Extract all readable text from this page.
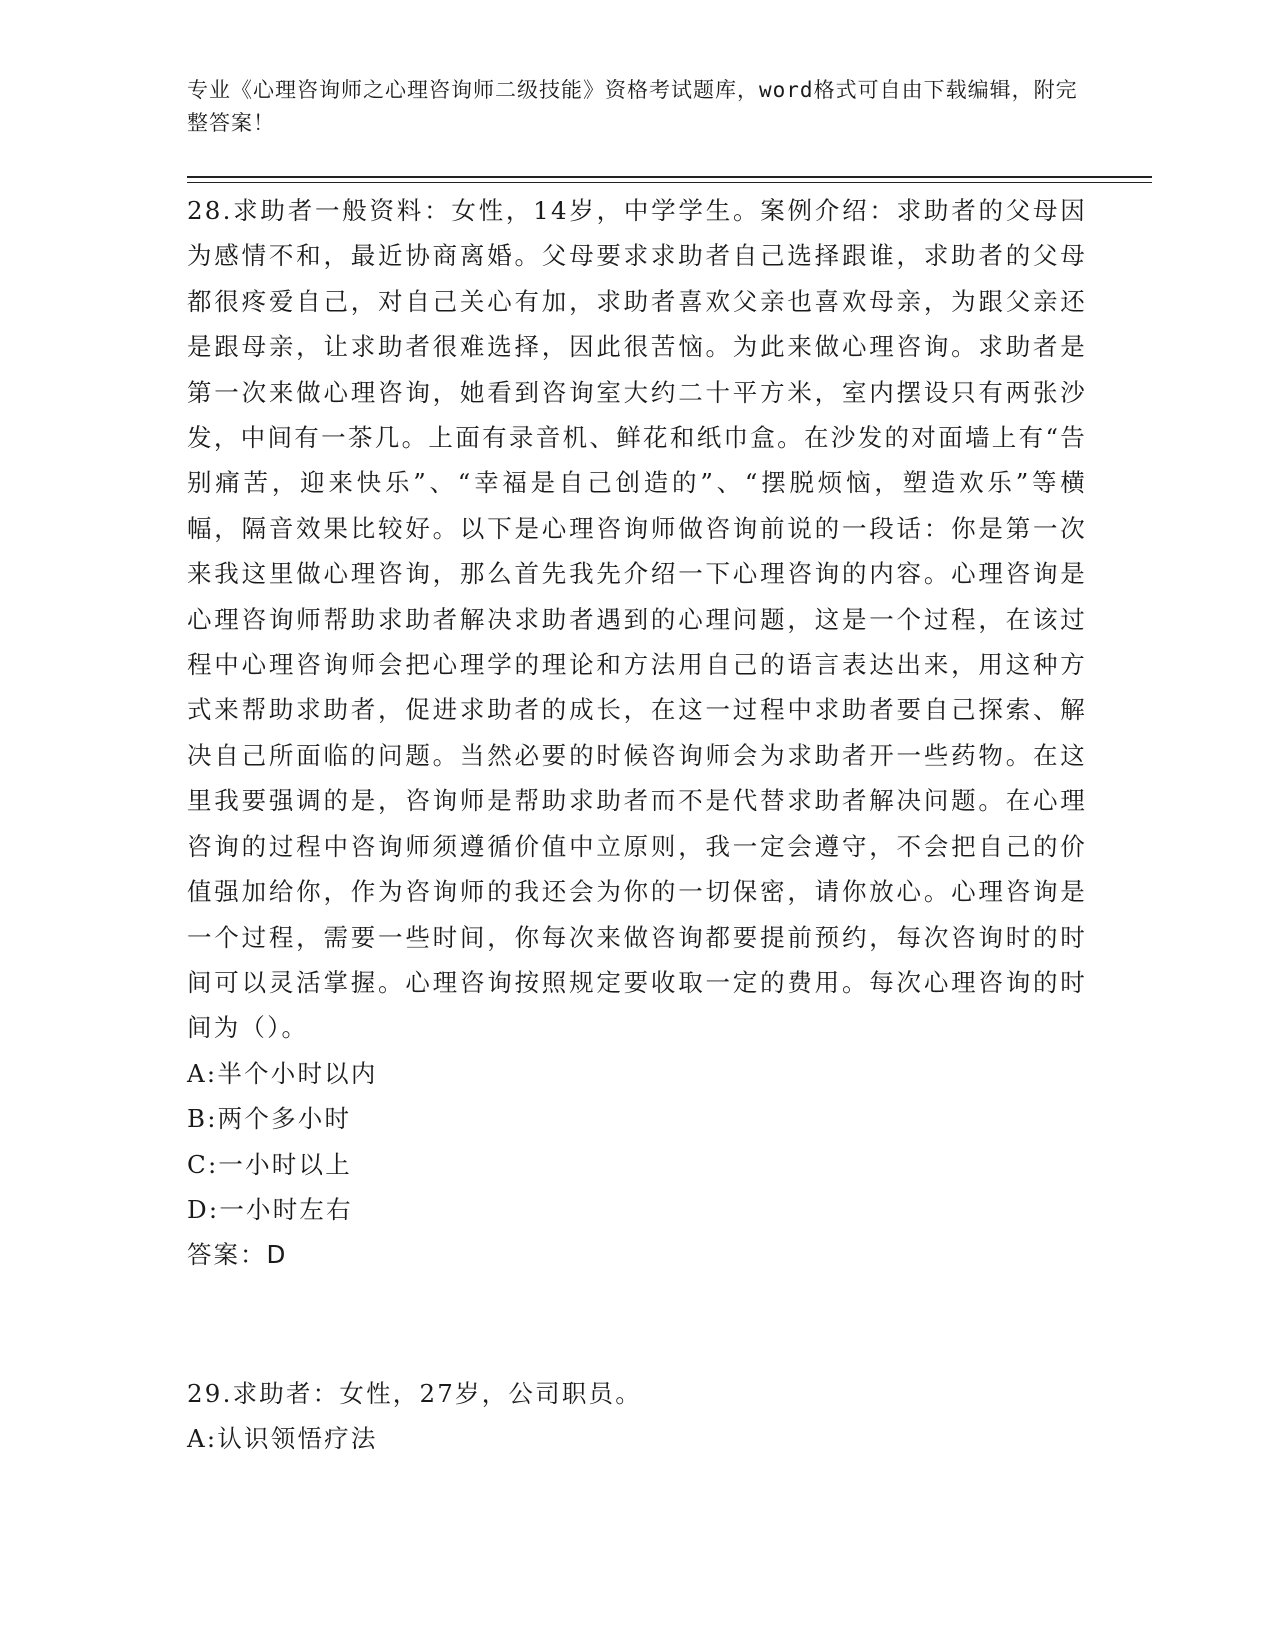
专业《心理咨询师之心理咨询师二级技能》资格考试题库，word格式可自由下载编辑，附完整答案！

28.求助者一般资料：女性，14岁，中学学生。案例介绍：求助者的父母因为感情不和，最近协商离婚。父母要求求助者自己选择跟谁，求助者的父母都很疼爱自己，对自己关心有加，求助者喜欢父亲也喜欢母亲，为跟父亲还是跟母亲，让求助者很难选择，因此很苦恼。为此来做心理咨询。求助者是第一次来做心理咨询，她看到咨询室大约二十平方米，室内摆设只有两张沙发，中间有一茶几。上面有录音机、鲜花和纸巾盒。在沙发的对面墙上有“告别痛苦，迎来快乐”、“幸福是自己创造的”、“摆脱烦恼，塑造欢乐”等横幅，隔音效果比较好。以下是心理咨询师做咨询前说的一段话：你是第一次来我这里做心理咨询，那么首先我先介绍一下心理咨询的内容。心理咨询是心理咨询师帮助求助者解决求助者遇到的心理问题，这是一个过程，在该过程中心理咨询师会把心理学的理论和方法用自己的语言表达出来，用这种方式来帮助求助者，促进求助者的成长，在这一过程中求助者要自己探索、解决自己所面临的问题。当然必要的时候咨询师会为求助者开一些药物。在这里我要强调的是，咨询师是帮助求助者而不是代替求助者解决问题。在心理咨询的过程中咨询师须遵循价值中立原则，我一定会遵守，不会把自己的价值强加给你，作为咨询师的我还会为你的一切保密，请你放心。心理咨询是一个过程，需要一些时间，你每次来做咨询都要提前预约，每次咨询时的时间可以灵活掌握。心理咨询按照规定要收取一定的费用。每次心理咨询的时间为（）。

A: 半个小时以内

B: 两个多小时

C: 一小时以上

D: 一小时左右

答案：D

29.求助者：女性，27岁，公司职员。

A: 认识领悟疗法
